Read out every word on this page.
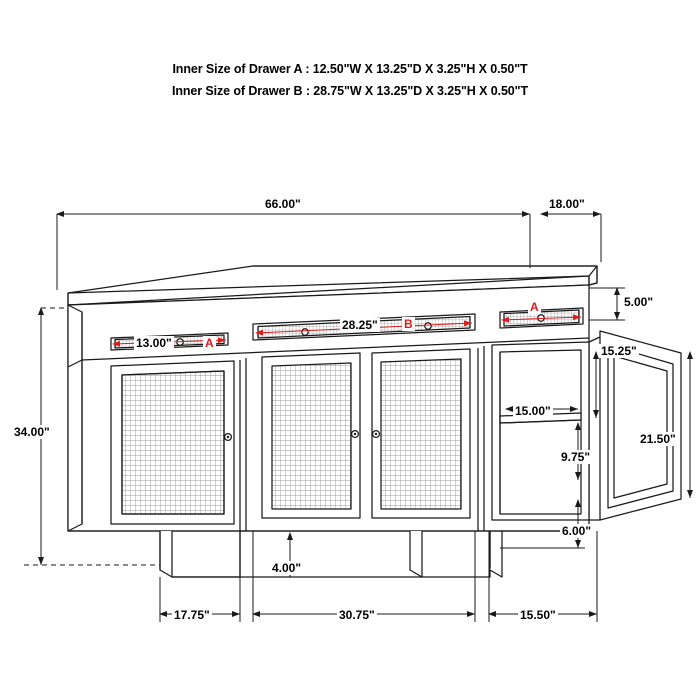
Inner Size of Drawer A : 12.50"W X 13.25"D X 3.25"H X 0.50"T
Inner Size of Drawer B : 28.75"W X 13.25"D X 3.25"H X 0.50"T
66.00"	18.00"
34.00"
5.00"
15.25"
15.00"
9.75"
21.50"
6.00"
4.00"
17.75"	30.75"	15.50"
13.00"
28.25"
A
B
A
